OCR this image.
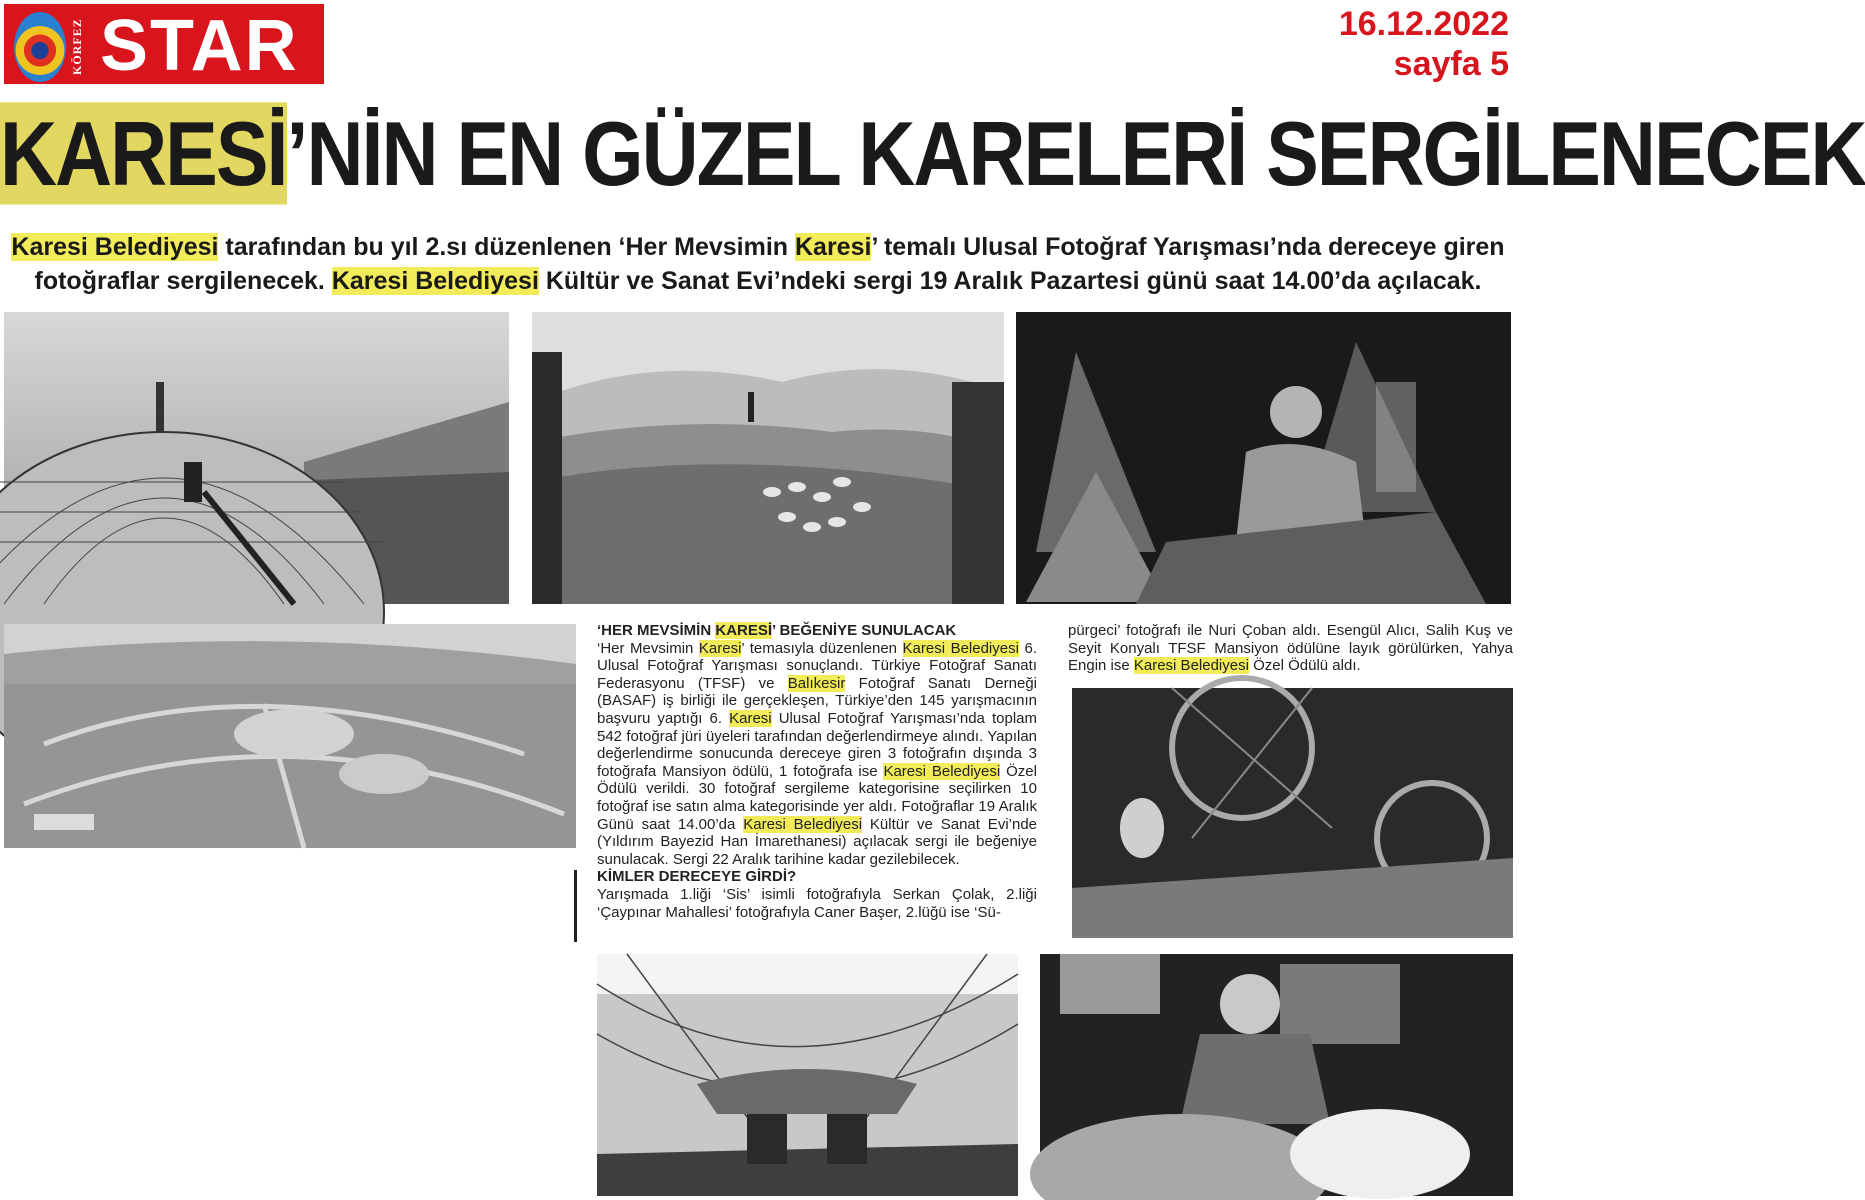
KÖRFEZ STAR	16.12.2022
sayfa 5
KARESİ’NİN EN GÜZEL KARELERİ SERGİLENECEK
Karesi Belediyesi tarafından bu yıl 2.sı düzenlenen ‘Her Mevsimin Karesi’ temalı Ulusal Fotoğraf Yarışması’nda dereceye giren
fotoğraflar sergilenecek. Karesi Belediyesi Kültür ve Sanat Evi’ndeki sergi 19 Aralık Pazartesi günü saat 14.00’da açılacak.
‘HER MEVSİMİN KARESİ’ BEĞENİYE SUNULACAK
‘Her Mevsimin Karesi’ temasıyla düzenlenen Karesi Belediyesi 6. Ulusal Fotoğraf Yarışması sonuçlandı. Türkiye Fotoğraf Sanatı Federasyonu (TFSF) ve Balıkesir Fotoğraf Sanatı Derneği (BASAF) iş birliği ile gerçekleşen, Türkiye’den 145 yarışmacının başvuru yaptığı 6. Karesi Ulusal Fotoğraf Yarışması’nda toplam 542 fotoğraf jüri üyeleri tarafından değerlendirmeye alındı. Yapılan değerlendirme sonucunda dereceye giren 3 fotoğrafın dışında 3 fotoğrafa Mansiyon ödülü, 1 fotoğrafa ise Karesi Belediyesi Özel Ödülü verildi. 30 fotoğraf sergileme kategorisine seçilirken 10 fotoğraf ise satın alma kategorisinde yer aldı. Fotoğraflar 19 Aralık Günü saat 14.00’da Karesi Belediyesi Kültür ve Sanat Evi’nde (Yıldırım Bayezid Han İmarethanesi) açılacak sergi ile beğeniye sunulacak. Sergi 22 Aralık tarihine kadar gezilebilecek.
KİMLER DERECEYE GİRDİ?
Yarışmada 1.liği ‘Sis’ isimli fotoğrafıyla Serkan Çolak, 2.liği ‘Çaypınar Mahallesi’ fotoğrafıyla Caner Başer, 2.lüğü ise ‘Sü-
pürgeci’ fotoğrafı ile Nuri Çoban aldı. Esengül Alıcı, Salih Kuş ve Seyit Konyalı TFSF Mansiyon ödülüne layık görülürken, Yahya Engin ise Karesi Belediyesi Özel Ödülü aldı.
